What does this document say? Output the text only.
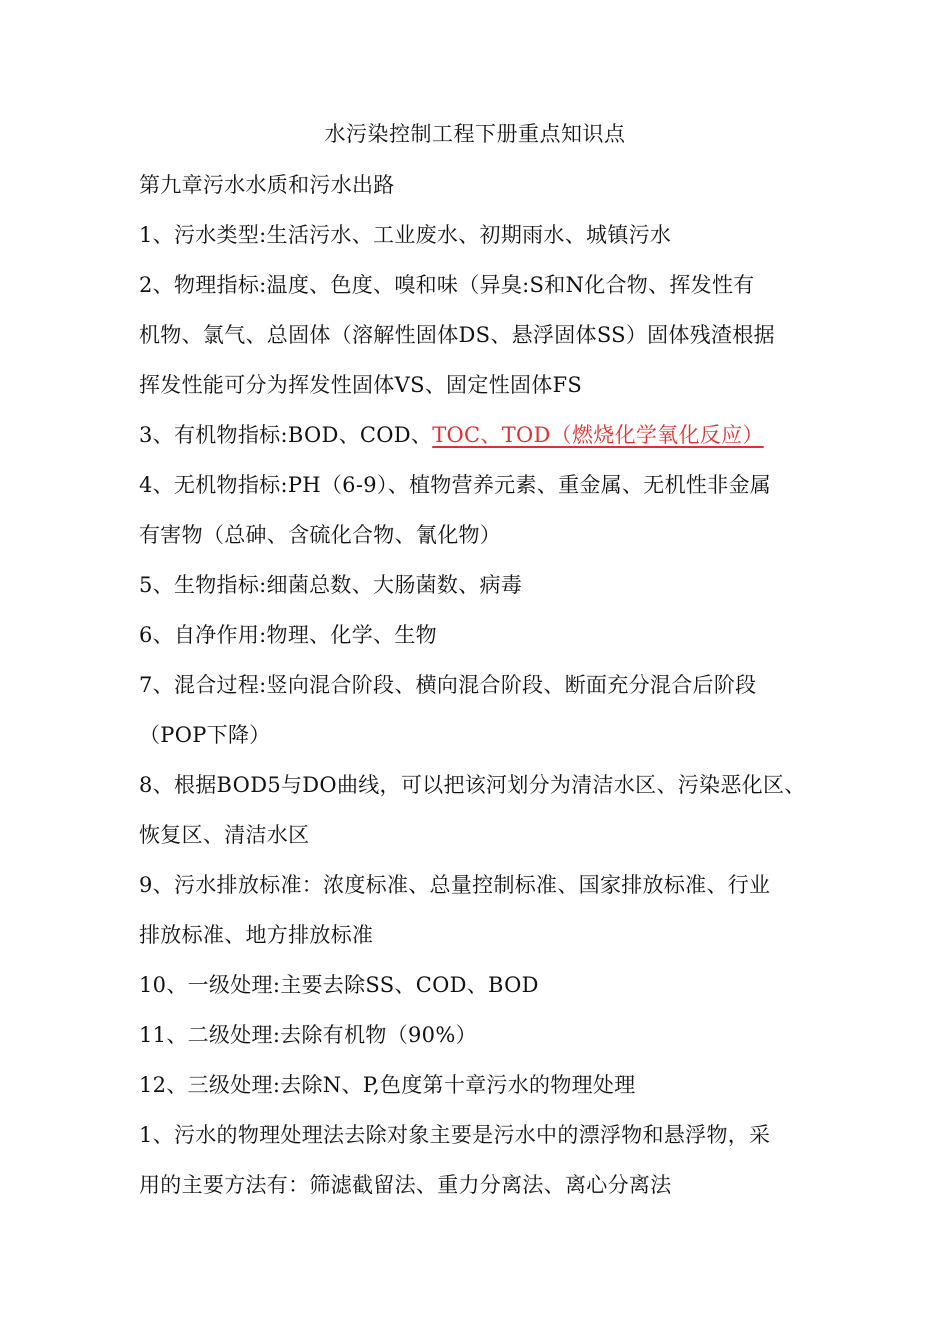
水污染控制工程下册重点知识点

第九章污水水质和污水出路

1、污水类型:生活污水、工业废水、初期雨水、城镇污水

2、物理指标:温度、色度、嗅和味（异臭:S和N化合物、挥发性有

机物、氯气、总固体（溶解性固体DS、悬浮固体SS）固体残渣根据

挥发性能可分为挥发性固体VS、固定性固体FS

3、有机物指标:BOD、COD、TOC、TOD（燃烧化学氧化反应）

4、无机物指标:PH（6-9）、植物营养元素、重金属、无机性非金属

有害物（总砷、含硫化合物、氰化物）

5、生物指标:细菌总数、大肠菌数、病毒

6、自净作用:物理、化学、生物

7、混合过程:竖向混合阶段、横向混合阶段、断面充分混合后阶段

（POP下降）

8、根据BOD5与DO曲线，可以把该河划分为清洁水区、污染恶化区、

恢复区、清洁水区

9、污水排放标准：浓度标准、总量控制标准、国家排放标准、行业

排放标准、地方排放标准

10、一级处理:主要去除SS、COD、BOD

11、二级处理:去除有机物（90%）

12、三级处理:去除N、P,色度第十章污水的物理处理

1、污水的物理处理法去除对象主要是污水中的漂浮物和悬浮物，采

用的主要方法有：筛滤截留法、重力分离法、离心分离法
